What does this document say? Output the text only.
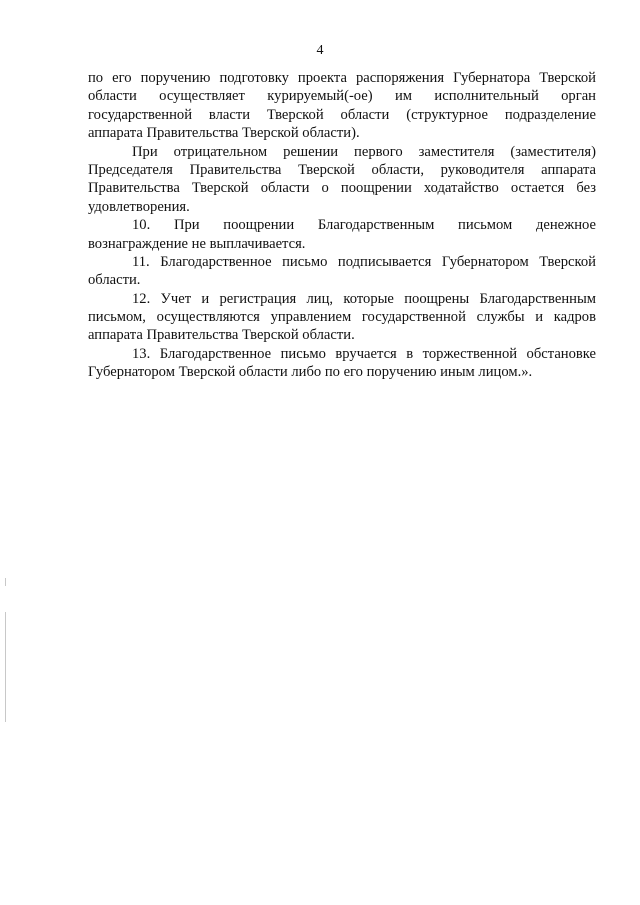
4
по его поручению подготовку проекта распоряжения Губернатора Тверской
области осуществляет курируемый(-ое) им исполнительный орган
государственной власти Тверской области (структурное подразделение
аппарата Правительства Тверской области).
При отрицательном решении первого заместителя (заместителя)
Председателя Правительства Тверской области, руководителя аппарата
Правительства Тверской области о поощрении ходатайство остается без
удовлетворения.
10. При поощрении Благодарственным письмом денежное
вознаграждение не выплачивается.
11. Благодарственное письмо подписывается Губернатором Тверской
области.
12. Учет и регистрация лиц, которые поощрены Благодарственным
письмом, осуществляются управлением государственной службы и кадров
аппарата Правительства Тверской области.
13. Благодарственное письмо вручается в торжественной обстановке
Губернатором Тверской области либо по его поручению иным лицом.».
